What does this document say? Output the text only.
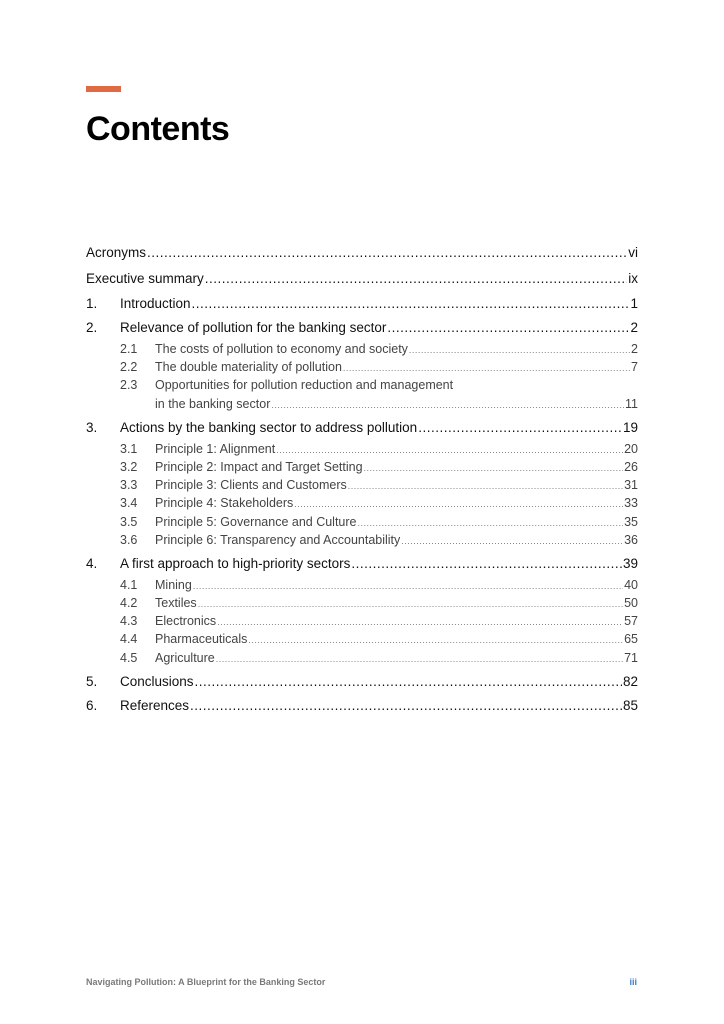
Contents
Acronyms .....	vi
Executive summary .....	ix
1.	Introduction .....	1
2.	Relevance of pollution for the banking sector .....	2
2.1	The costs of pollution to economy and society .....	2
2.2	The double materiality of pollution .....	7
2.3	Opportunities for pollution reduction and management
in the banking sector .....	11
3.	Actions by the banking sector to address pollution .....	19
3.1	Principle 1: Alignment .....	20
3.2	Principle 2: Impact and Target Setting .....	26
3.3	Principle 3: Clients and Customers .....	31
3.4	Principle 4: Stakeholders .....	33
3.5	Principle 5: Governance and Culture .....	35
3.6	Principle 6: Transparency and Accountability .....	36
4.	A first approach to high-priority sectors .....	39
4.1	Mining .....	40
4.2	Textiles .....	50
4.3	Electronics .....	57
4.4	Pharmaceuticals .....	65
4.5	Agriculture .....	71
5.	Conclusions .....	82
6.	References .....	85
Navigating Pollution: A Blueprint for the Banking Sector	iii
